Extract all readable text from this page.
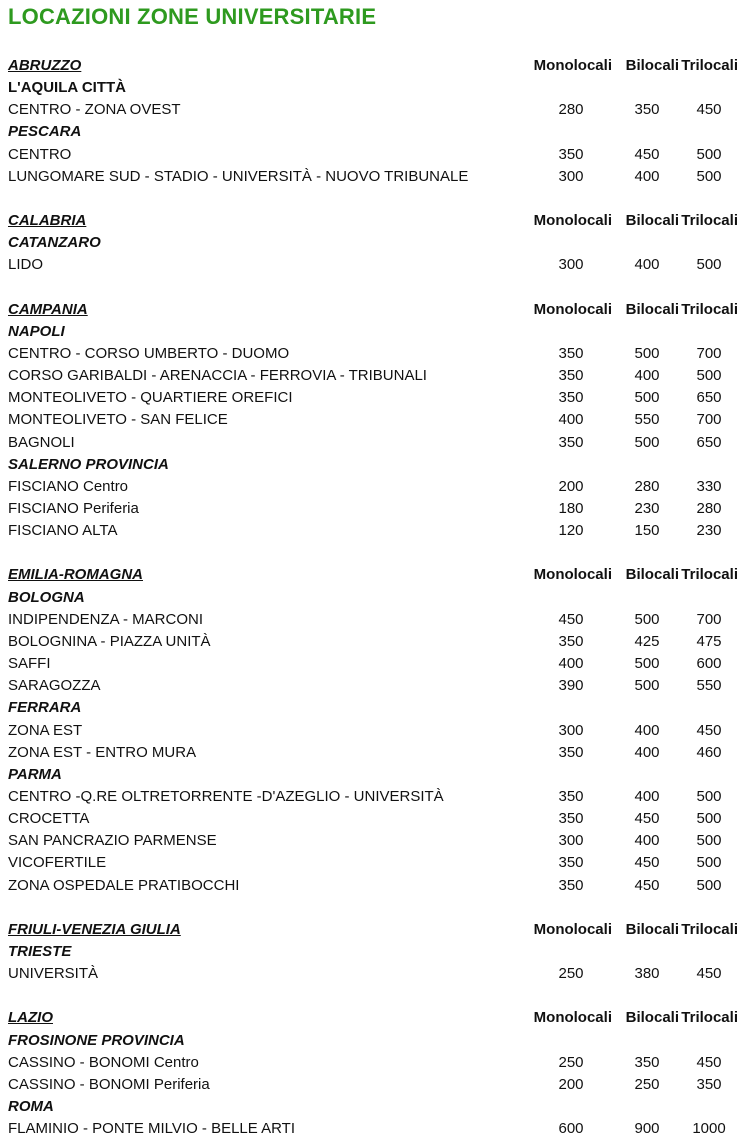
LOCAZIONI ZONE UNIVERSITARIE
ABRUZZO	Monolocali Bilocali Trilocali
L'AQUILA CITTÀ
CENTRO - ZONA OVEST	280	350	450
PESCARA
CENTRO	350	450	500
LUNGOMARE SUD - STADIO - UNIVERSITÀ - NUOVO TRIBUNALE	300	400	500
CALABRIA	Monolocali Bilocali Trilocali
CATANZARO
LIDO	300	400	500
CAMPANIA	Monolocali Bilocali Trilocali
NAPOLI
CENTRO - CORSO UMBERTO - DUOMO	350	500	700
CORSO GARIBALDI - ARENACCIA - FERROVIA - TRIBUNALI	350	400	500
MONTEOLIVETO - QUARTIERE OREFICI	350	500	650
MONTEOLIVETO - SAN FELICE	400	550	700
BAGNOLI	350	500	650
SALERNO PROVINCIA
FISCIANO Centro	200	280	330
FISCIANO Periferia	180	230	280
FISCIANO ALTA	120	150	230
EMILIA-ROMAGNA	Monolocali Bilocali Trilocali
BOLOGNA
INDIPENDENZA - MARCONI	450	500	700
BOLOGNINA - PIAZZA UNITÀ	350	425	475
SAFFI	400	500	600
SARAGOZZA	390	500	550
FERRARA
ZONA EST	300	400	450
ZONA EST - ENTRO MURA	350	400	460
PARMA
CENTRO -Q.RE OLTRETORRENTE -D'AZEGLIO - UNIVERSITÀ	350	400	500
CROCETTA	350	450	500
SAN PANCRAZIO PARMENSE	300	400	500
VICOFERTILE	350	450	500
ZONA OSPEDALE PRATIBOCCHI	350	450	500
FRIULI-VENEZIA GIULIA	Monolocali Bilocali Trilocali
TRIESTE
UNIVERSITÀ	250	380	450
LAZIO	Monolocali Bilocali Trilocali
FROSINONE PROVINCIA
CASSINO - BONOMI Centro	250	350	450
CASSINO - BONOMI Periferia	200	250	350
ROMA
FLAMINIO - PONTE MILVIO - BELLE ARTI	600	900	1000
